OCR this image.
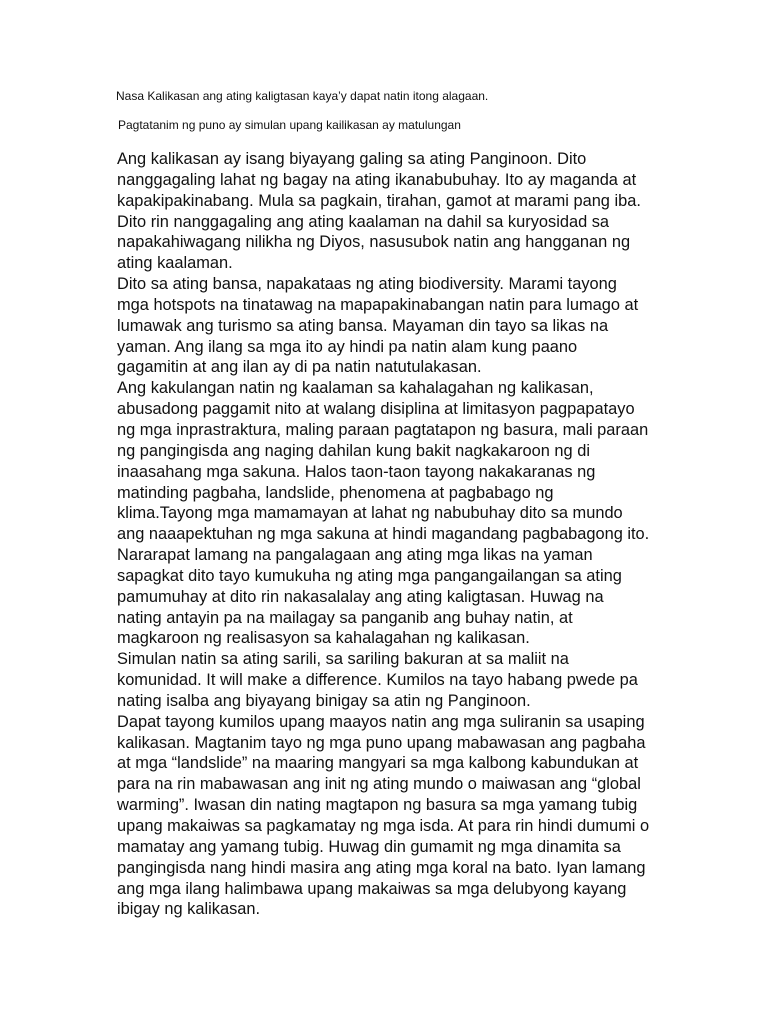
Nasa Kalikasan ang ating kaligtasan kaya’y dapat natin itong alagaan.

Pagtatanim ng puno ay simulan upang kailikasan ay matulungan

Ang kalikasan ay isang biyayang galing sa ating Panginoon. Dito
nanggagaling lahat ng bagay na ating ikanabubuhay. Ito ay maganda at
kapakipakinabang. Mula sa pagkain, tirahan, gamot at marami pang iba.
Dito rin nanggagaling ang ating kaalaman na dahil sa kuryosidad sa
napakahiwagang nilikha ng Diyos, nasusubok natin ang hangganan ng
ating kaalaman.
Dito sa ating bansa, napakataas ng ating biodiversity. Marami tayong
mga hotspots na tinatawag na mapapakinabangan natin para lumago at
lumawak ang turismo sa ating bansa. Mayaman din tayo sa likas na
yaman. Ang ilang sa mga ito ay hindi pa natin alam kung paano
gagamitin at ang ilan ay di pa natin natutulakasan.
Ang kakulangan natin ng kaalaman sa kahalagahan ng kalikasan,
abusadong paggamit nito at walang disiplina at limitasyon pagpapatayo
ng mga inprastraktura, maling paraan pagtatapon ng basura, mali paraan
ng pangingisda ang naging dahilan kung bakit nagkakaroon ng di
inaasahang mga sakuna. Halos taon-taon tayong nakakaranas ng
matinding pagbaha, landslide, phenomena at pagbabago ng
klima.Tayong mga mamamayan at lahat ng nabubuhay dito sa mundo
ang naaapektuhan ng mga sakuna at hindi magandang pagbabagong ito.
Nararapat lamang na pangalagaan ang ating mga likas na yaman
sapagkat dito tayo kumukuha ng ating mga pangangailangan sa ating
pamumuhay at dito rin nakasalalay ang ating kaligtasan. Huwag na
nating antayin pa na mailagay sa panganib ang buhay natin, at
magkaroon ng realisasyon sa kahalagahan ng kalikasan.
Simulan natin sa ating sarili, sa sariling bakuran at sa maliit na
komunidad. It will make a difference. Kumilos na tayo habang pwede pa
nating isalba ang biyayang binigay sa atin ng Panginoon.
Dapat tayong kumilos upang maayos natin ang mga suliranin sa usaping
kalikasan. Magtanim tayo ng mga puno upang mabawasan ang pagbaha
at mga “landslide” na maaring mangyari sa mga kalbong kabundukan at
para na rin mabawasan ang init ng ating mundo o maiwasan ang “global
warming”. Iwasan din nating magtapon ng basura sa mga yamang tubig
upang makaiwas sa pagkamatay ng mga isda. At para rin hindi dumumi o
mamatay ang yamang tubig. Huwag din gumamit ng mga dinamita sa
pangingisda nang hindi masira ang ating mga koral na bato. Iyan lamang
ang mga ilang halimbawa upang makaiwas sa mga delubyong kayang
ibigay ng kalikasan.
